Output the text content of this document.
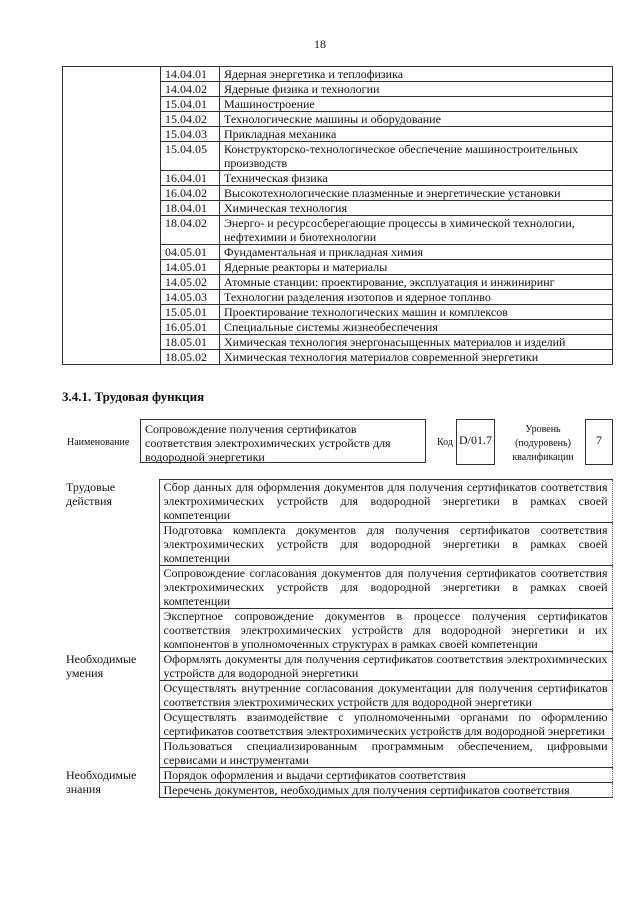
18
	14.04.01	Ядерная энергетика и теплофизика
	14.04.02	Ядерные физика и технологии
	15.04.01	Машиностроение
	15.04.02	Технологические машины и оборудование
	15.04.03	Прикладная механика
	15.04.05	Конструкторско-технологическое обеспечение машиностроительных производств
	16.04.01	Техническая физика
	16.04.02	Высокотехнологические плазменные и энергетические установки
	18.04.01	Химическая технология
	18.04.02	Энерго- и ресурсосберегающие процессы в химической технологии, нефтехимии и биотехнологии
	04.05.01	Фундаментальная и прикладная химия
	14.05.01	Ядерные реакторы и материалы
	14.05.02	Атомные станции: проектирование, эксплуатация и инжиниринг
	14.05.03	Технологии разделения изотопов и ядерное топливо
	15.05.01	Проектирование технологических машин и комплексов
	16.05.01	Специальные системы жизнеобеспечения
	18.05.01	Химическая технология энергонасыщенных материалов и изделий
	18.05.02	Химическая технология материалов современной энергетики
3.4.1. Трудовая функция
Наименование
Сопровождение получения сертификатов соответствия электрохимических устройств для водородной энергетики
Код D/01.7
Уровень (подуровень) квалификации
7
Трудовые действия	Сбор данных для оформления документов для получения сертификатов соответствия электрохимических устройств для водородной энергетики в рамках своей компетенции
	Подготовка комплекта документов для получения сертификатов соответствия электрохимических устройств для водородной энергетики в рамках своей компетенции
	Сопровождение согласования документов для получения сертификатов соответствия электрохимических устройств для водородной энергетики в рамках своей компетенции
	Экспертное сопровождение документов в процессе получения сертификатов соответствия электрохимических устройств для водородной энергетики и их компонентов в уполномоченных структурах в рамках своей компетенции
Необходимые умения	Оформлять документы для получения сертификатов соответствия электрохимических устройств для водородной энергетики
	Осуществлять внутренние согласования документации для получения сертификатов соответствия электрохимических устройств для водородной энергетики
	Осуществлять взаимодействие с уполномоченными органами по оформлению сертификатов соответствия электрохимических устройств для водородной энергетики
	Пользоваться специализированным программным обеспечением, цифровыми сервисами и инструментами
Необходимые знания	Порядок оформления и выдачи сертификатов соответствия
	Перечень документов, необходимых для получения сертификатов соответствия
